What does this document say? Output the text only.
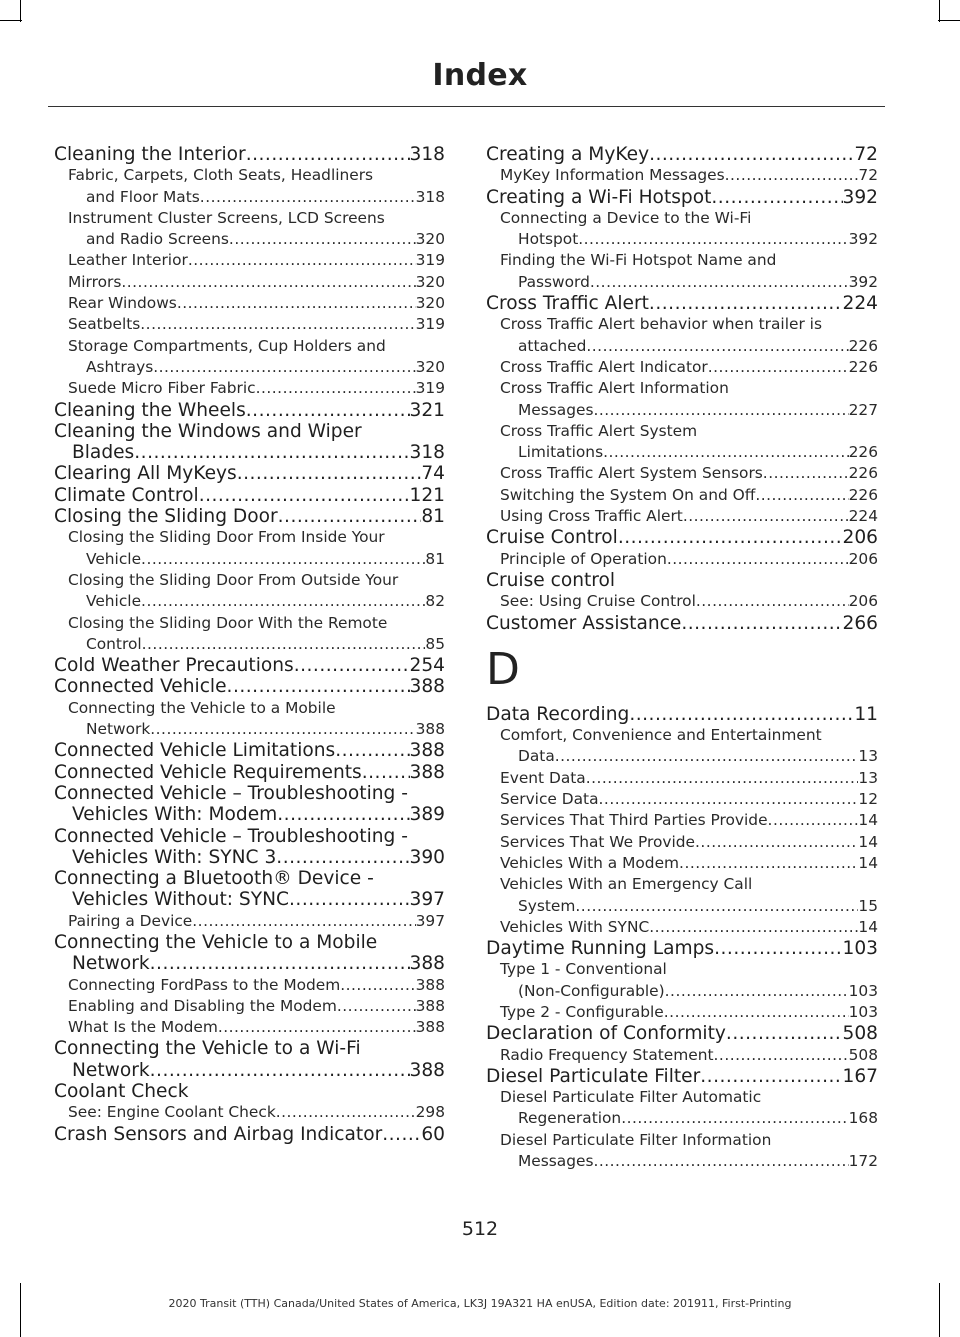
Index
Cleaning the Interior .....	318
Fabric, Carpets, Cloth Seats, Headliners
and Floor Mats .....	318
Instrument Cluster Screens, LCD Screens
and Radio Screens .....	320
Leather Interior .....	319
Mirrors .....	320
Rear Windows .....	320
Seatbelts .....	319
Storage Compartments, Cup Holders and
Ashtrays .....	320
Suede Micro Fiber Fabric .....	319
Cleaning the Wheels .....	321
Cleaning the Windows and Wiper
Blades .....	318
Clearing All MyKeys .....	74
Climate Control .....	121
Closing the Sliding Door .....	81
Closing the Sliding Door From Inside Your
Vehicle .....	81
Closing the Sliding Door From Outside Your
Vehicle .....	82
Closing the Sliding Door With the Remote
Control .....	85
Cold Weather Precautions .....	254
Connected Vehicle .....	388
Connecting the Vehicle to a Mobile
Network .....	388
Connected Vehicle Limitations .....	388
Connected Vehicle Requirements .....	388
Connected Vehicle – Troubleshooting -
Vehicles With: Modem .....	389
Connected Vehicle – Troubleshooting -
Vehicles With: SYNC 3 .....	390
Connecting a Bluetooth® Device -
Vehicles Without: SYNC .....	397
Pairing a Device .....	397
Connecting the Vehicle to a Mobile
Network .....	388
Connecting FordPass to the Modem .....	388
Enabling and Disabling the Modem .....	388
What Is the Modem .....	388
Connecting the Vehicle to a Wi-Fi
Network .....	388
Coolant Check
See: Engine Coolant Check .....	298
Crash Sensors and Airbag Indicator ..... 60
Creating a MyKey .....	72
MyKey Information Messages .....	72
Creating a Wi-Fi Hotspot .....	392
Connecting a Device to the Wi-Fi
Hotspot .....	392
Finding the Wi-Fi Hotspot Name and
Password .....	392
Cross Traffic Alert .....	224
Cross Traffic Alert behavior when trailer is
attached .....	226
Cross Traffic Alert Indicator .....	226
Cross Traffic Alert Information
Messages .....	227
Cross Traffic Alert System
Limitations .....	226
Cross Traffic Alert System Sensors .....	226
Switching the System On and Off .....	226
Using Cross Traffic Alert .....	224
Cruise Control .....	206
Principle of Operation .....	206
Cruise control
See: Using Cruise Control .....	206
Customer Assistance .....	266
D
Data Recording .....	11
Comfort, Convenience and Entertainment
Data .....	13
Event Data .....	13
Service Data .....	12
Services That Third Parties Provide .....	14
Services That We Provide .....	14
Vehicles With a Modem .....	14
Vehicles With an Emergency Call
System .....	15
Vehicles With SYNC .....	14
Daytime Running Lamps .....	103
Type 1 - Conventional
(Non-Configurable) .....	103
Type 2 - Configurable .....	103
Declaration of Conformity .....	508
Radio Frequency Statement .....	508
Diesel Particulate Filter .....	167
Diesel Particulate Filter Automatic
Regeneration .....	168
Diesel Particulate Filter Information
Messages .....	172
512
2020 Transit (TTH) Canada/United States of America, LK3J 19A321 HA enUSA, Edition date: 201911, First-Printing
